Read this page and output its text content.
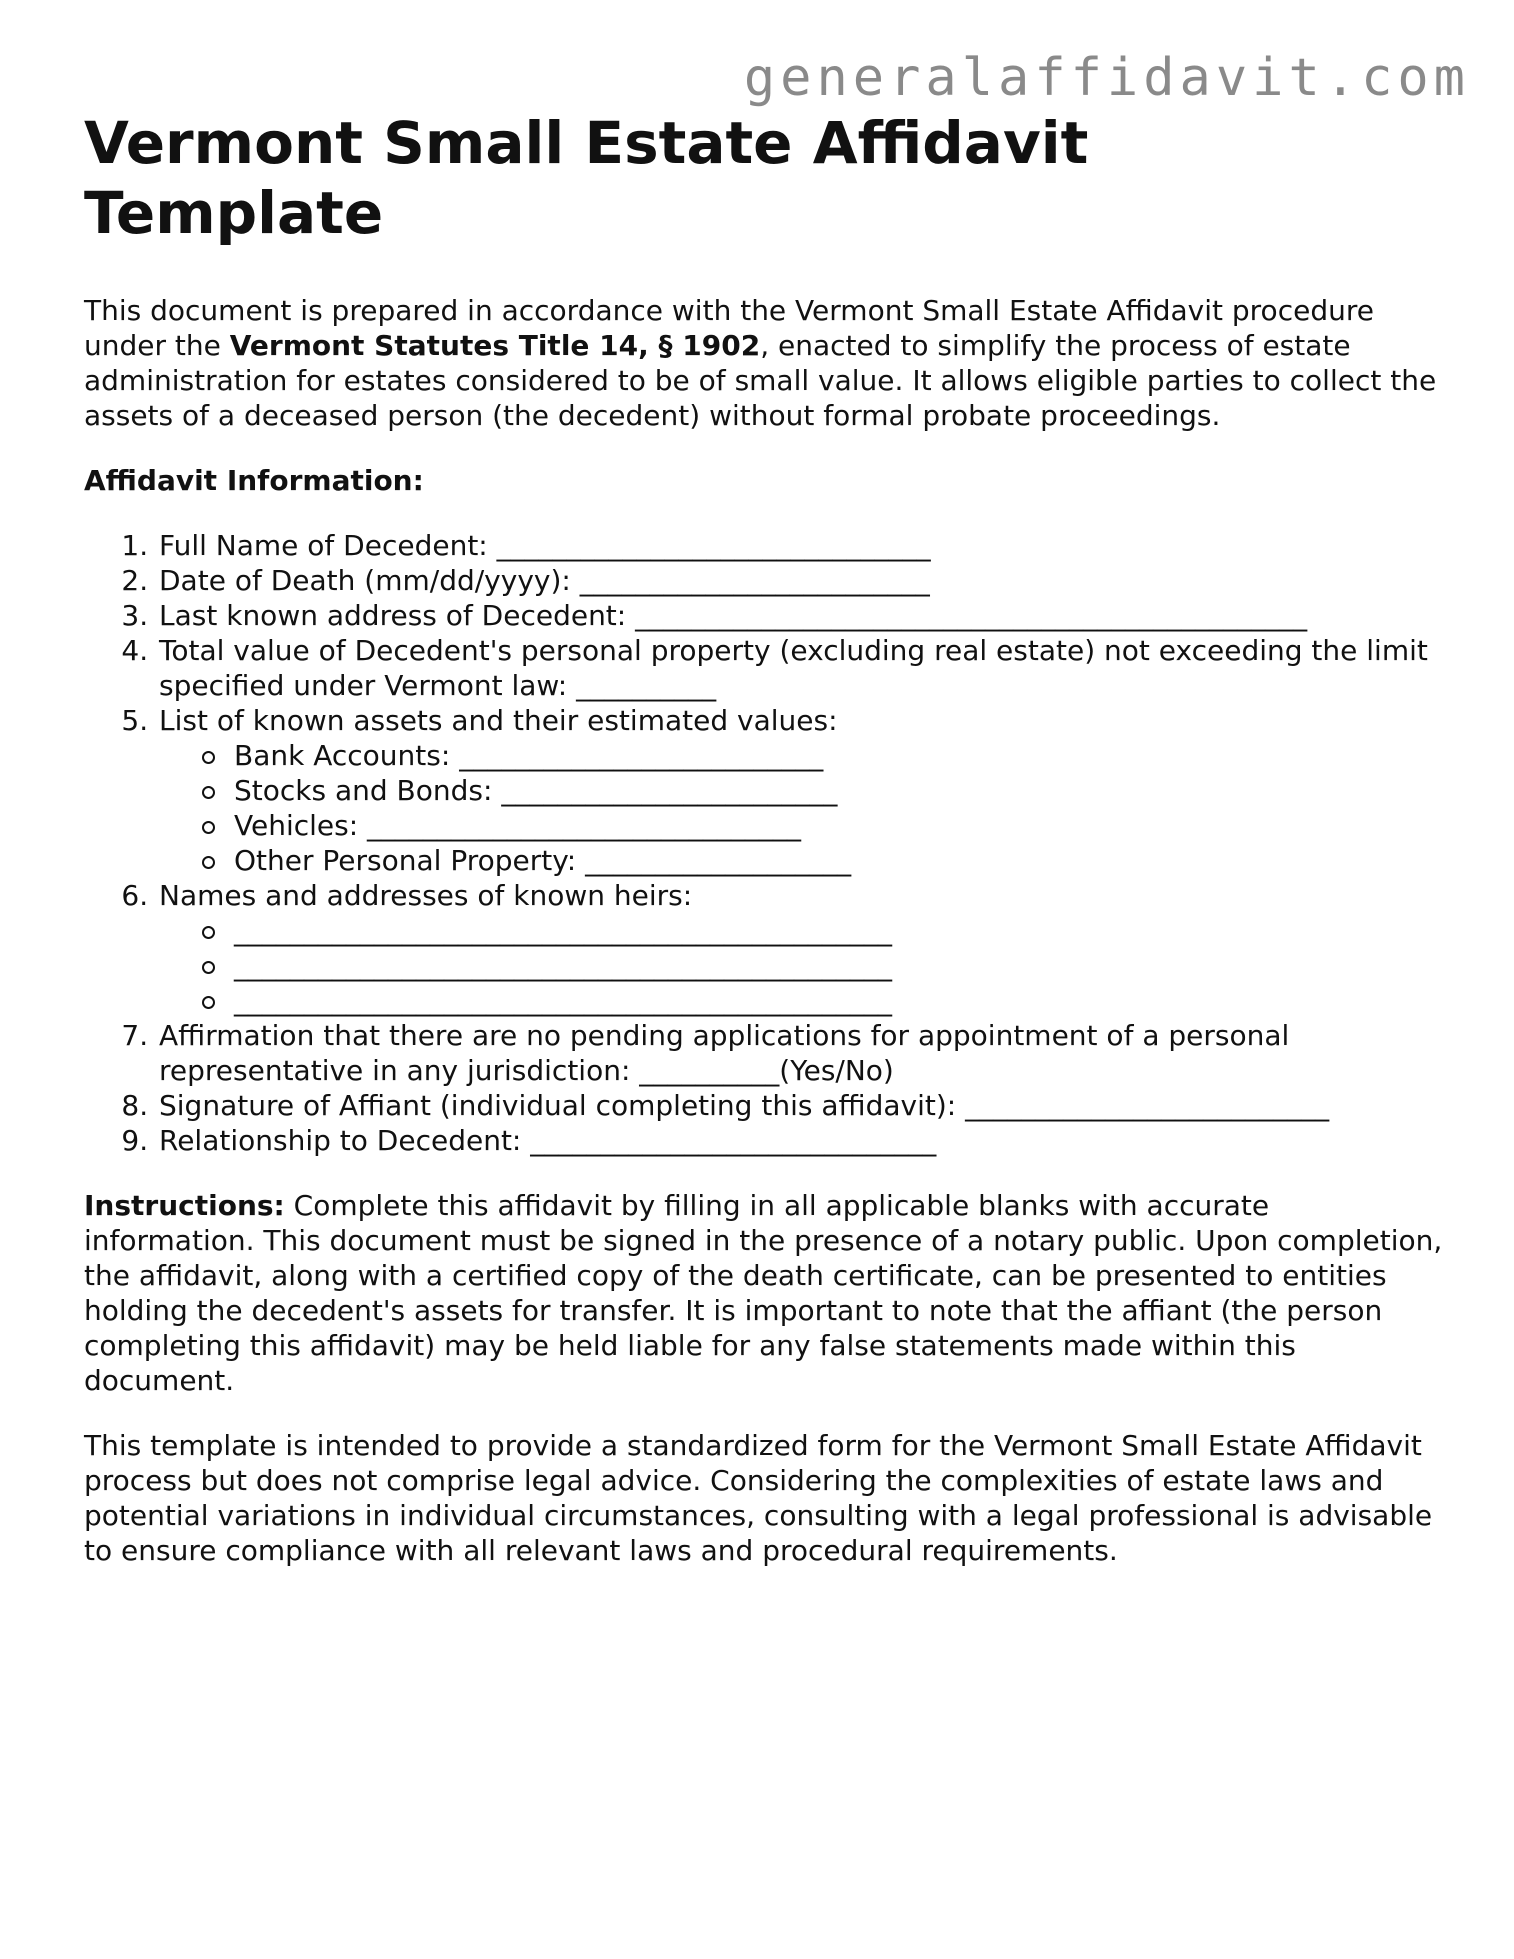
generalaffidavit.com
Vermont Small Estate Affidavit Template

This document is prepared in accordance with the Vermont Small Estate Affidavit procedure under the Vermont Statutes Title 14, § 1902, enacted to simplify the process of estate administration for estates considered to be of small value. It allows eligible parties to collect the assets of a deceased person (the decedent) without formal probate proceedings.

Affidavit Information:
1. Full Name of Decedent: _______________________________
2. Date of Death (mm/dd/yyyy): _________________________
3. Last known address of Decedent: ________________________________________________
4. Total value of Decedent's personal property (excluding real estate) not exceeding the limit specified under Vermont law: __________
5. List of known assets and their estimated values:
Bank Accounts: __________________________
Stocks and Bonds: ________________________
Vehicles: _______________________________
Other Personal Property: ___________________
6. Names and addresses of known heirs:
_______________________________________________
_______________________________________________
_______________________________________________
7. Affirmation that there are no pending applications for appointment of a personal representative in any jurisdiction: __________(Yes/No)
8. Signature of Affiant (individual completing this affidavit): __________________________
9. Relationship to Decedent: _____________________________

Instructions: Complete this affidavit by filling in all applicable blanks with accurate information. This document must be signed in the presence of a notary public. Upon completion, the affidavit, along with a certified copy of the death certificate, can be presented to entities holding the decedent's assets for transfer. It is important to note that the affiant (the person completing this affidavit) may be held liable for any false statements made within this document.

This template is intended to provide a standardized form for the Vermont Small Estate Affidavit process but does not comprise legal advice. Considering the complexities of estate laws and potential variations in individual circumstances, consulting with a legal professional is advisable to ensure compliance with all relevant laws and procedural requirements.
